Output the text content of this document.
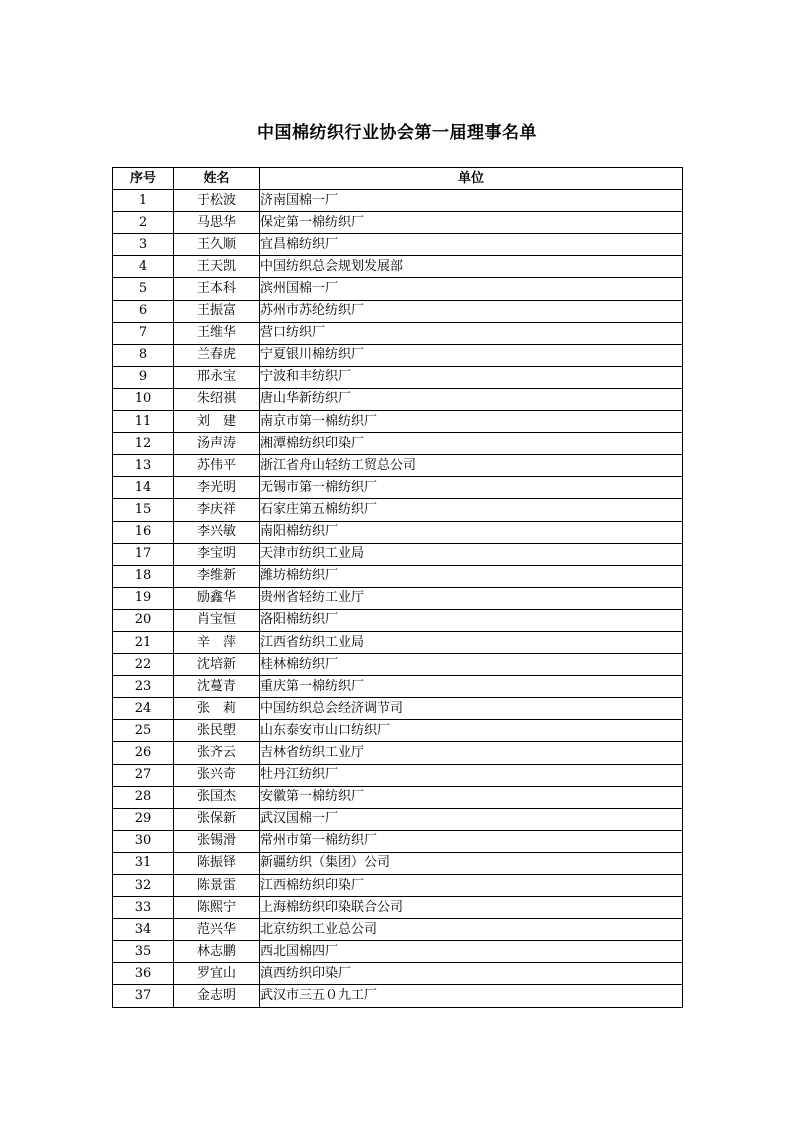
中国棉纺织行业协会第一届理事名单
序号	姓名	单位
1	于松波	济南国棉一厂
2	马思华	保定第一棉纺织厂
3	王久顺	宜昌棉纺织厂
4	王天凯	中国纺织总会规划发展部
5	王本科	滨州国棉一厂
6	王振富	苏州市苏纶纺织厂
7	王维华	营口纺织厂
8	兰春虎	宁夏银川棉纺织厂
9	邢永宝	宁波和丰纺织厂
10	朱绍祺	唐山华新纺织厂
11	刘　建	南京市第一棉纺织厂
12	汤声涛	湘潭棉纺织印染厂
13	苏伟平	浙江省舟山轻纺工贸总公司
14	李光明	无锡市第一棉纺织厂
15	李庆祥	石家庄第五棉纺织厂
16	李兴敏	南阳棉纺织厂
17	李宝明	天津市纺织工业局
18	李维新	潍坊棉纺织厂
19	励鑫华	贵州省轻纺工业厅
20	肖宝恒	洛阳棉纺织厂
21	辛　萍	江西省纺织工业局
22	沈培新	桂林棉纺织厂
23	沈蔓青	重庆第一棉纺织厂
24	张　莉	中国纺织总会经济调节司
25	张民塱	山东泰安市山口纺织厂
26	张齐云	吉林省纺织工业厅
27	张兴奇	牡丹江纺织厂
28	张国杰	安徽第一棉纺织厂
29	张保新	武汉国棉一厂
30	张锡滑	常州市第一棉纺织厂
31	陈振铎	新疆纺织（集团）公司
32	陈景雷	江西棉纺织印染厂
33	陈熙宁	上海棉纺织印染联合公司
34	范兴华	北京纺织工业总公司
35	林志鹏	西北国棉四厂
36	罗宜山	滇西纺织印染厂
37	金志明	武汉市三五０九工厂
